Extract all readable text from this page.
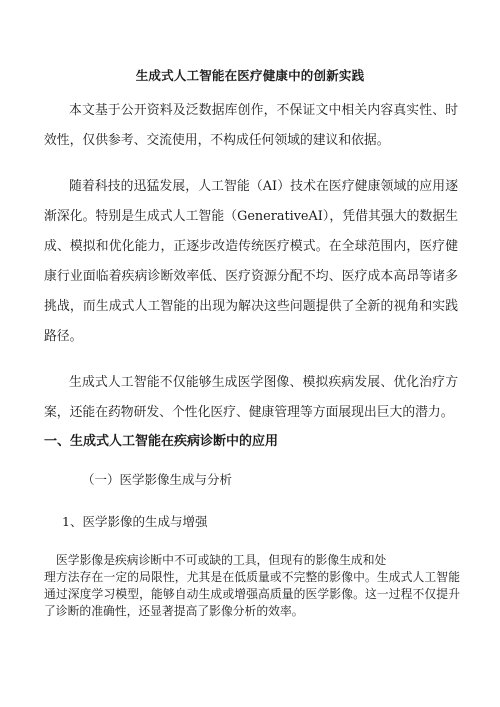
生成式人工智能在医疗健康中的创新实践

本文基于公开资料及泛数据库创作，不保证文中相关内容真实性、时效性，仅供参考、交流使用，不构成任何领域的建议和依据。

随着科技的迅猛发展，人工智能（AI）技术在医疗健康领域的应用逐渐深化。特别是生成式人工智能（GenerativeAI），凭借其强大的数据生成、模拟和优化能力，正逐步改造传统医疗模式。在全球范围内，医疗健康行业面临着疾病诊断效率低、医疗资源分配不均、医疗成本高昂等诸多挑战，而生成式人工智能的出现为解决这些问题提供了全新的视角和实践路径。

生成式人工智能不仅能够生成医学图像、模拟疾病发展、优化治疗方案，还能在药物研发、个性化医疗、健康管理等方面展现出巨大的潜力。

一、生成式人工智能在疾病诊断中的应用
（一）医学影像生成与分析
1、医学影像的生成与增强

医学影像是疾病诊断中不可或缺的工具，但现有的影像生成和处
理方法存在一定的局限性，尤其是在低质量或不完整的影像中。生成式人工智能通过深度学习模型，能够自动生成或增强高质量的医学影像。这一过程不仅提升了诊断的准确性，还显著提高了影像分析的效率。
